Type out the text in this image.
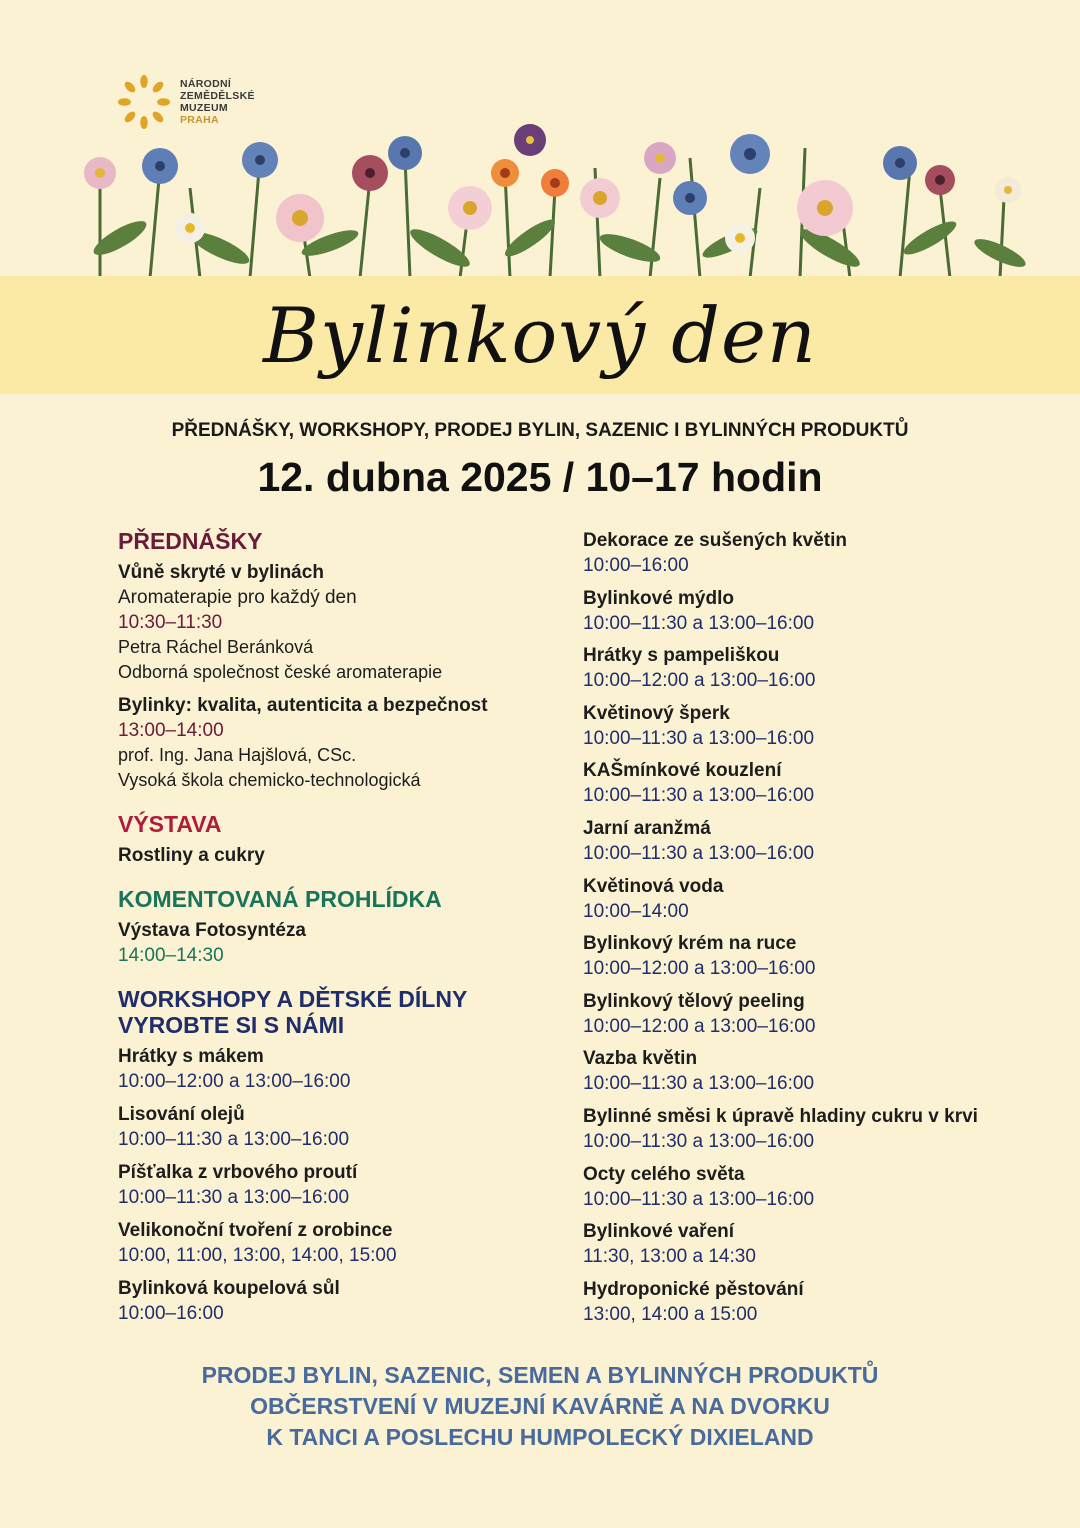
NÁRODNÍ
ZEMĚDĚLSKÉ
MUZEUM
PRAHA
Bylinkový den
PŘEDNÁŠKY, WORKSHOPY, PRODEJ BYLIN, SAZENIC I BYLINNÝCH PRODUKTŮ
12. dubna 2025 / 10–17 hodin
PŘEDNÁŠKY
Vůně skryté v bylinách
Aromaterapie pro každý den
10:30–11:30
Petra Ráchel Beránková
Odborná společnost české aromaterapie
Bylinky: kvalita, autenticita a bezpečnost
13:00–14:00
prof. Ing. Jana Hajšlová, CSc.
Vysoká škola chemicko-technologická
VÝSTAVA
Rostliny a cukry
KOMENTOVANÁ PROHLÍDKA
Výstava Fotosyntéza
14:00–14:30
WORKSHOPY A DĚTSKÉ DÍLNY
VYROBTE SI S NÁMI
Hrátky s mákem
10:00–12:00 a 13:00–16:00
Lisování olejů
10:00–11:30 a 13:00–16:00
Píšťalka z vrbového proutí
10:00–11:30 a 13:00–16:00
Velikonoční tvoření z orobince
10:00, 11:00, 13:00, 14:00, 15:00
Bylinková koupelová sůl
10:00–16:00
Dekorace ze sušených květin
10:00–16:00
Bylinkové mýdlo
10:00–11:30 a 13:00–16:00
Hrátky s pampeliškou
10:00–12:00 a 13:00–16:00
Květinový šperk
10:00–11:30 a 13:00–16:00
KAŠmínkové kouzlení
10:00–11:30 a 13:00–16:00
Jarní aranžmá
10:00–11:30 a 13:00–16:00
Květinová voda
10:00–14:00
Bylinkový krém na ruce
10:00–12:00 a 13:00–16:00
Bylinkový tělový peeling
10:00–12:00 a 13:00–16:00
Vazba květin
10:00–11:30 a 13:00–16:00
Bylinné směsi k úpravě hladiny cukru v krvi
10:00–11:30 a 13:00–16:00
Octy celého světa
10:00–11:30 a 13:00–16:00
Bylinkové vaření
11:30, 13:00 a 14:30
Hydroponické pěstování
13:00, 14:00 a 15:00
PRODEJ BYLIN, SAZENIC, SEMEN A BYLINNÝCH PRODUKTŮ
OBČERSTVENÍ V MUZEJNÍ KAVÁRNĚ A NA DVORKU
K TANCI A POSLECHU HUMPOLECKÝ DIXIELAND
